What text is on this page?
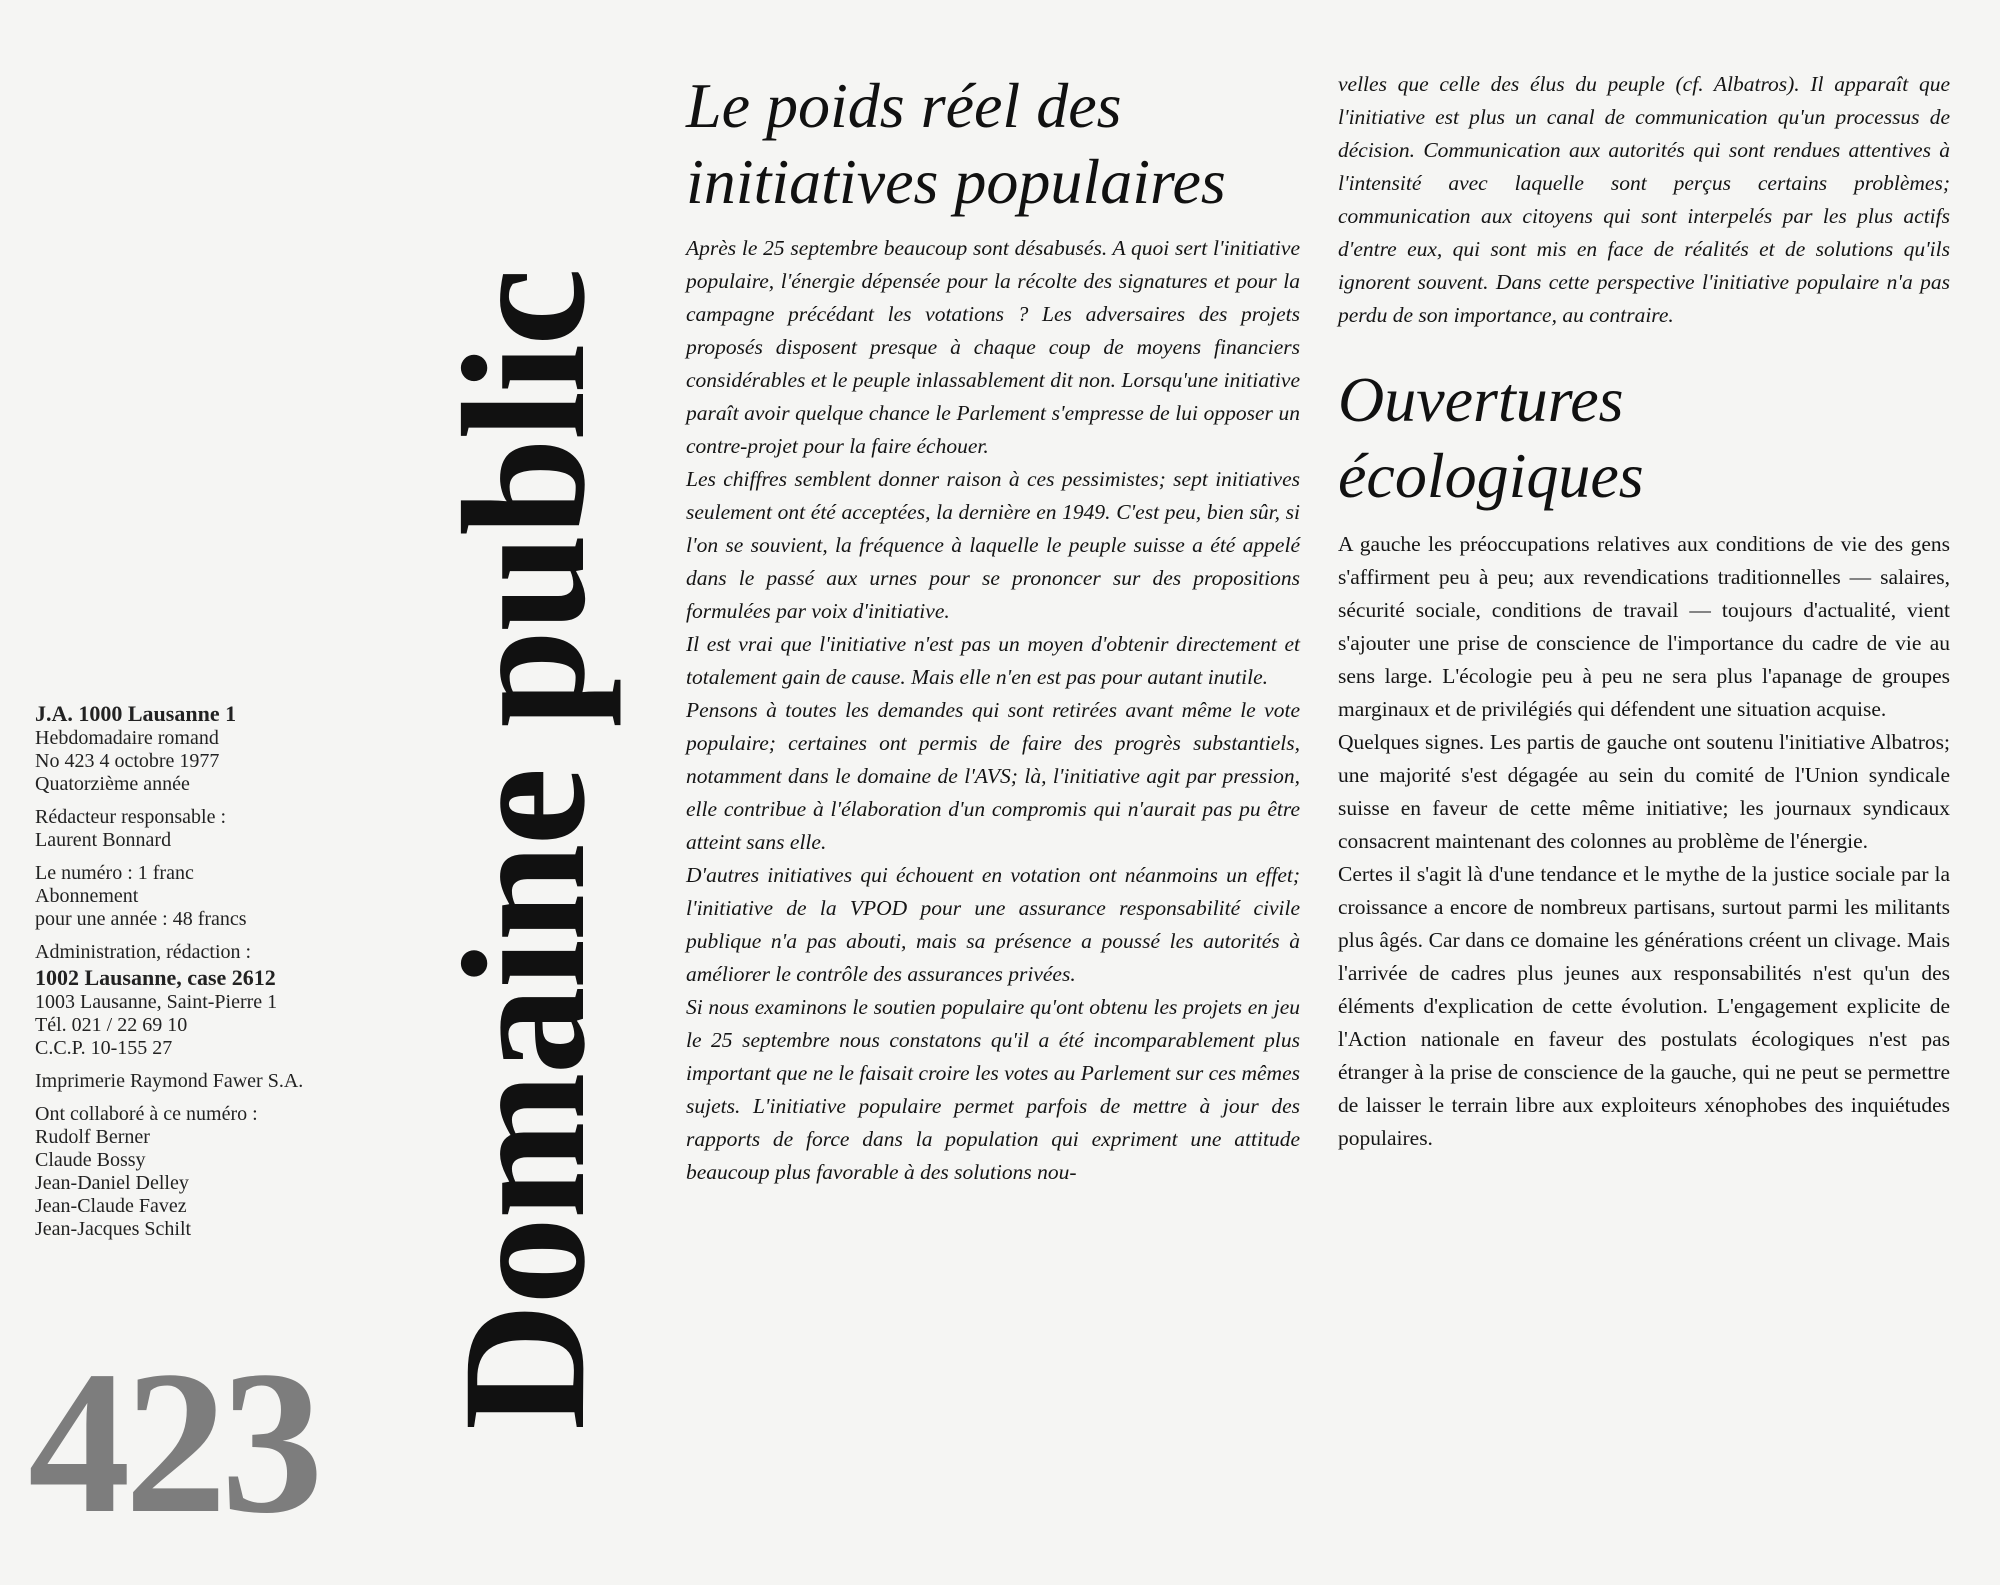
J.A. 1000 Lausanne 1
Hebdomadaire romand
No 423 4 octobre 1977
Quatorzième année
Rédacteur responsable :
Laurent Bonnard
Le numéro : 1 franc
Abonnement
pour une année : 48 francs
Administration, rédaction :
1002 Lausanne, case 2612
1003 Lausanne, Saint-Pierre 1
Tél. 021 / 22 69 10
C.C.P. 10-155 27
Imprimerie Raymond Fawer S.A.
Ont collaboré à ce numéro :
Rudolf Berner
Claude Bossy
Jean-Daniel Delley
Jean-Claude Favez
Jean-Jacques Schilt
423
Domaine public
Le poids réel des
initiatives populaires

Après le 25 septembre beaucoup sont désabusés. A quoi sert l'initiative populaire, l'énergie dépensée pour la récolte des signatures et pour la campagne précédant les votations ? Les adversaires des projets proposés disposent presque à chaque coup de moyens financiers considérables et le peuple inlassablement dit non. Lorsqu'une initiative paraît avoir quelque chance le Parlement s'empresse de lui opposer un contre-projet pour la faire échouer.

Les chiffres semblent donner raison à ces pessimistes; sept initiatives seulement ont été acceptées, la dernière en 1949. C'est peu, bien sûr, si l'on se souvient, la fréquence à laquelle le peuple suisse a été appelé dans le passé aux urnes pour se prononcer sur des propositions formulées par voix d'initiative.

Il est vrai que l'initiative n'est pas un moyen d'obtenir directement et totalement gain de cause. Mais elle n'en est pas pour autant inutile.

Pensons à toutes les demandes qui sont retirées avant même le vote populaire; certaines ont permis de faire des progrès substantiels, notamment dans le domaine de l'AVS; là, l'initiative agit par pression, elle contribue à l'élaboration d'un compromis qui n'aurait pas pu être atteint sans elle.

D'autres initiatives qui échouent en votation ont néanmoins un effet; l'initiative de la VPOD pour une assurance responsabilité civile publique n'a pas abouti, mais sa présence a poussé les autorités à améliorer le contrôle des assurances privées.

Si nous examinons le soutien populaire qu'ont obtenu les projets en jeu le 25 septembre nous constatons qu'il a été incomparablement plus important que ne le faisait croire les votes au Parlement sur ces mêmes sujets. L'initiative populaire permet parfois de mettre à jour des rapports de force dans la population qui expriment une attitude beaucoup plus favorable à des solutions nou-

velles que celle des élus du peuple (cf. Albatros). Il apparaît que l'initiative est plus un canal de communication qu'un processus de décision. Communication aux autorités qui sont rendues attentives à l'intensité avec laquelle sont perçus certains problèmes; communication aux citoyens qui sont interpelés par les plus actifs d'entre eux, qui sont mis en face de réalités et de solutions qu'ils ignorent souvent. Dans cette perspective l'initiative populaire n'a pas perdu de son importance, au contraire.

Ouvertures
écologiques

A gauche les préoccupations relatives aux conditions de vie des gens s'affirment peu à peu; aux revendications traditionnelles — salaires, sécurité sociale, conditions de travail — toujours d'actualité, vient s'ajouter une prise de conscience de l'importance du cadre de vie au sens large. L'écologie peu à peu ne sera plus l'apanage de groupes marginaux et de privilégiés qui défendent une situation acquise.

Quelques signes. Les partis de gauche ont soutenu l'initiative Albatros; une majorité s'est dégagée au sein du comité de l'Union syndicale suisse en faveur de cette même initiative; les journaux syndicaux consacrent maintenant des colonnes au problème de l'énergie.

Certes il s'agit là d'une tendance et le mythe de la justice sociale par la croissance a encore de nombreux partisans, surtout parmi les militants plus âgés. Car dans ce domaine les générations créent un clivage. Mais l'arrivée de cadres plus jeunes aux responsabilités n'est qu'un des éléments d'explication de cette évolution. L'engagement explicite de l'Action nationale en faveur des postulats écologiques n'est pas étranger à la prise de conscience de la gauche, qui ne peut se permettre de laisser le terrain libre aux exploiteurs xénophobes des inquiétudes populaires.
